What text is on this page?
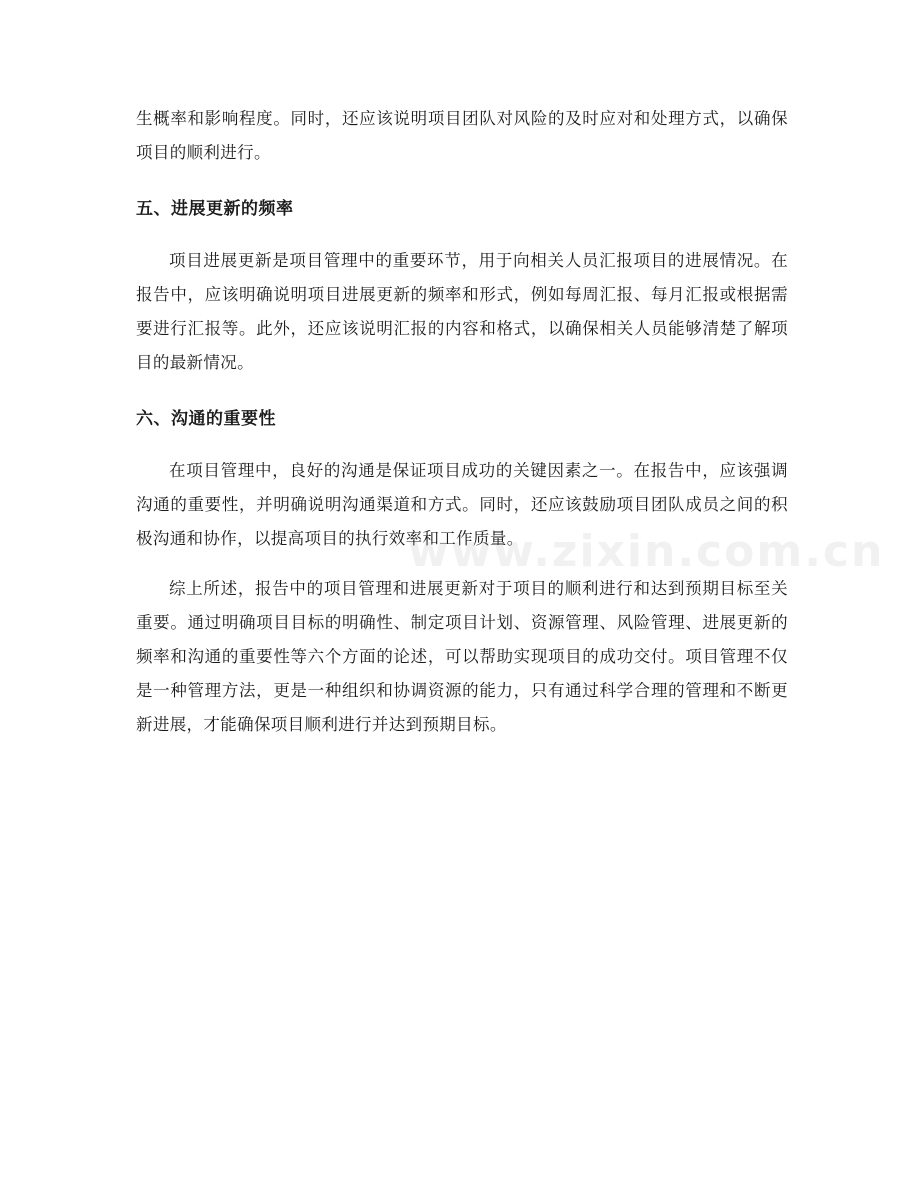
生概率和影响程度。同时，还应该说明项目团队对风险的及时应对和处理方式，以确保项目的顺利进行。

五、进展更新的频率

项目进展更新是项目管理中的重要环节，用于向相关人员汇报项目的进展情况。在报告中，应该明确说明项目进展更新的频率和形式，例如每周汇报、每月汇报或根据需要进行汇报等。此外，还应该说明汇报的内容和格式，以确保相关人员能够清楚了解项目的最新情况。

六、沟通的重要性

在项目管理中，良好的沟通是保证项目成功的关键因素之一。在报告中，应该强调沟通的重要性，并明确说明沟通渠道和方式。同时，还应该鼓励项目团队成员之间的积极沟通和协作，以提高项目的执行效率和工作质量。

综上所述，报告中的项目管理和进展更新对于项目的顺利进行和达到预期目标至关重要。通过明确项目目标的明确性、制定项目计划、资源管理、风险管理、进展更新的频率和沟通的重要性等六个方面的论述，可以帮助实现项目的成功交付。项目管理不仅是一种管理方法，更是一种组织和协调资源的能力，只有通过科学合理的管理和不断更新进展，才能确保项目顺利进行并达到预期目标。

www.zixin.com.cn
